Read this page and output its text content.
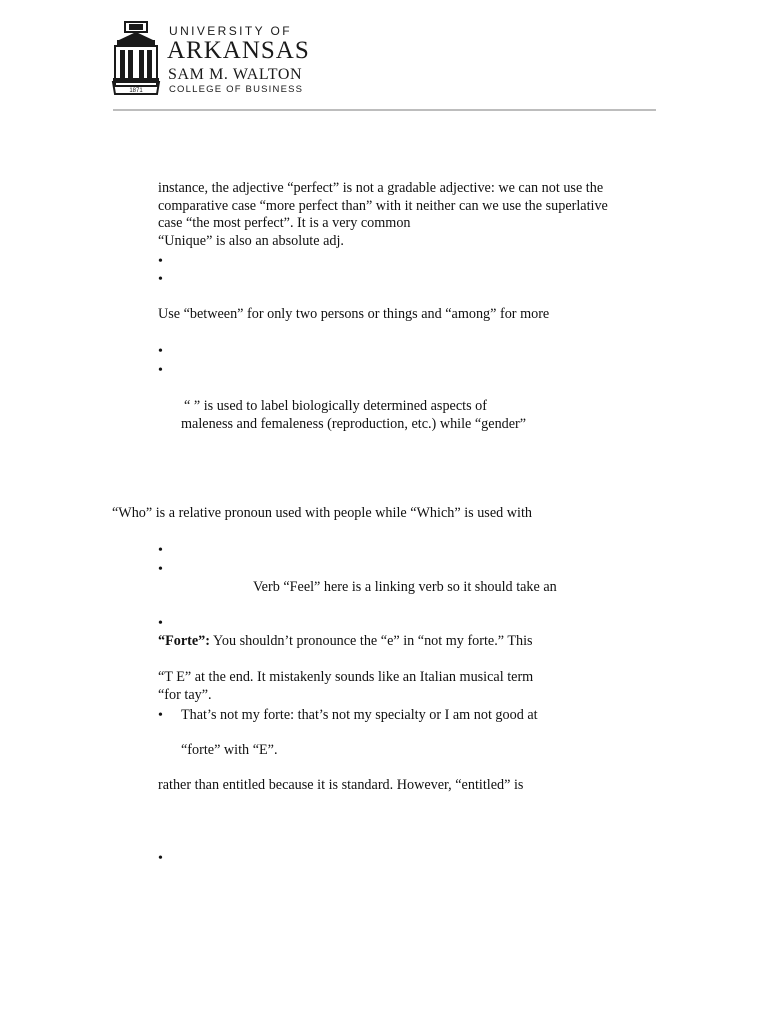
1871
UNIVERSITY OF
ARKANSAS
SAM M. WALTON
COLLEGE OF BUSINESS
instance, the adjective “perfect” is not a gradable adjective: we can not use the
comparative case “more perfect than” with it neither can we use the superlative
case “the most perfect”. It is a very common
“Unique” is also an absolute adj.
•
•
Use “between” for only two persons or things and “among” for more
•
•
“ ” is used to label biologically determined aspects of
maleness and femaleness (reproduction, etc.) while “gender”
“Who” is a relative pronoun used with people while “Which” is used with
•
•
Verb “Feel” here is a linking verb so it should take an
•
“Forte”: You shouldn’t pronounce the “e” in “not my forte.” This
“T E” at the end. It mistakenly sounds like an Italian musical term
“for tay”.
• That’s not my forte: that’s not my specialty or I am not good at
“forte” with “E”.
rather than entitled because it is standard. However, “entitled” is
•
